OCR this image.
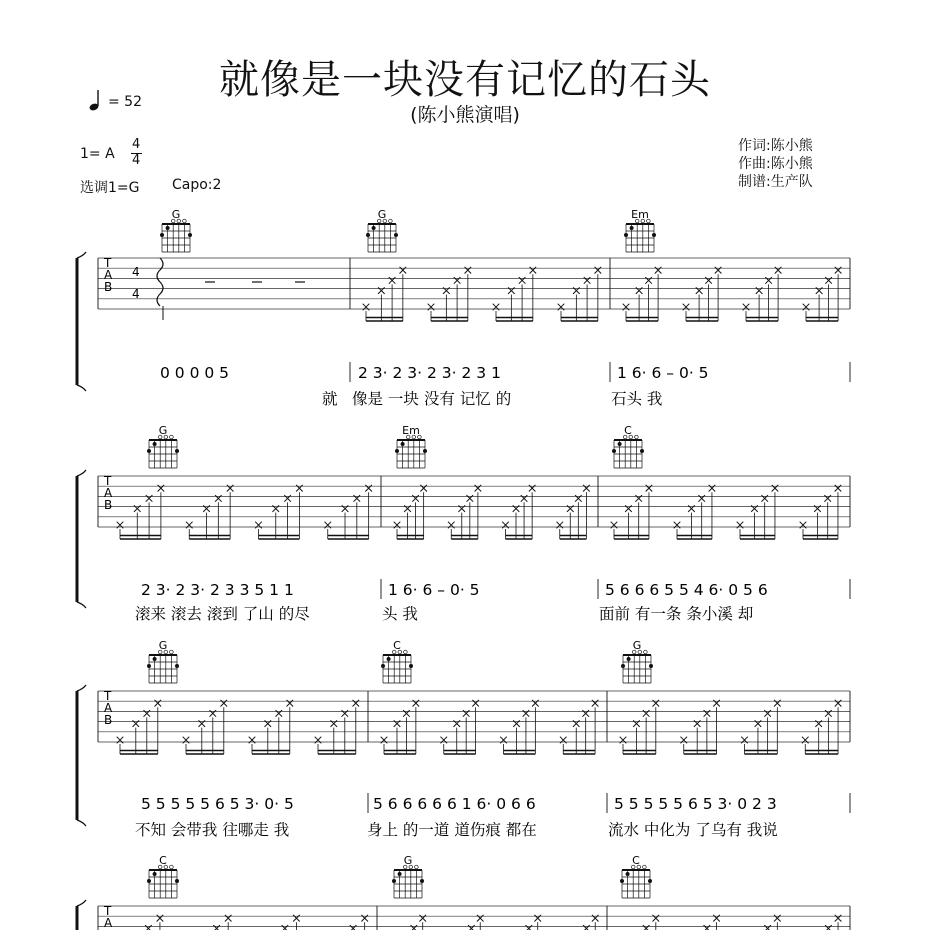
就像是一块没有记忆的石头
(陈小熊演唱)
= 52
1= A
4
4
选调1=G Capo:2
作词:陈小熊
作曲:陈小熊
制谱:生产队
T
A
B
G	G	Em
4
4
0 0 0 0 5	2 3· 2 3· 2 3· 2 3 1	1 6· 6 – 0· 5
就 像是 一块 没有 记忆 的	石头 我
T
A
B
G	Em	C
2 3· 2 3· 2 3 3 5 1 1	1 6· 6 – 0· 5	5 6 6 6 5 5 4 6· 0 5 6
滚来 滚去 滚到 了山 的尽	头 我	面前 有一条 条小溪 却
T
A
B
G	C	G
5 5 5 5 5 6 5 3· 0· 5	5 6 6 6 6 6 1 6· 0 6 6	5 5 5 5 5 6 5 3· 0 2 3
不知 会带我 往哪走 我	身上 的一道 道伤痕 都在	流水 中化为 了乌有 我说
T
A
C	G	C
